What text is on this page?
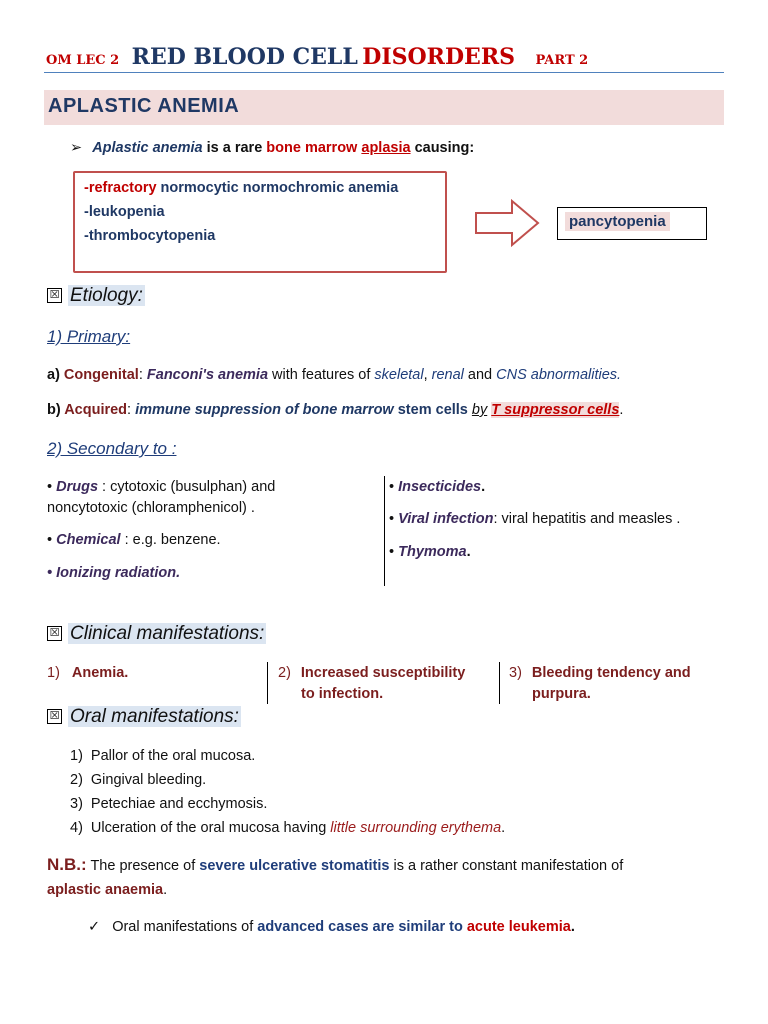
OM LEC 2 RED BLOOD CELL DISORDERS PART 2
APLASTIC ANEMIA
➢ Aplastic anemia is a rare bone marrow aplasia causing:
-refractory normocytic normochromic anemia
-leukopenia
-thrombocytopenia
pancytopenia
☒ Etiology:
1) Primary:
a) Congenital: Fanconi's anemia with features of skeletal, renal and CNS abnormalities.
b) Acquired: immune suppression of bone marrow stem cells by T suppressor cells.
2) Secondary to :
• Drugs : cytotoxic (busulphan) and
noncytotoxic (chloramphenicol) .
• Chemical : e.g. benzene.
• Ionizing radiation.
• Insecticides.
• Viral infection: viral hepatitis and measles .
• Thymoma.
☒ Clinical manifestations:
1) Anemia.	2) Increased susceptibility
to infection.
3) Bleeding tendency and
purpura.
☒ Oral manifestations:
1) Pallor of the oral mucosa.
2) Gingival bleeding.
3) Petechiae and ecchymosis.
4) Ulceration of the oral mucosa having little surrounding erythema.
N.B.: The presence of severe ulcerative stomatitis is a rather constant manifestation of
aplastic anaemia.
✓ Oral manifestations of advanced cases are similar to acute leukemia.
